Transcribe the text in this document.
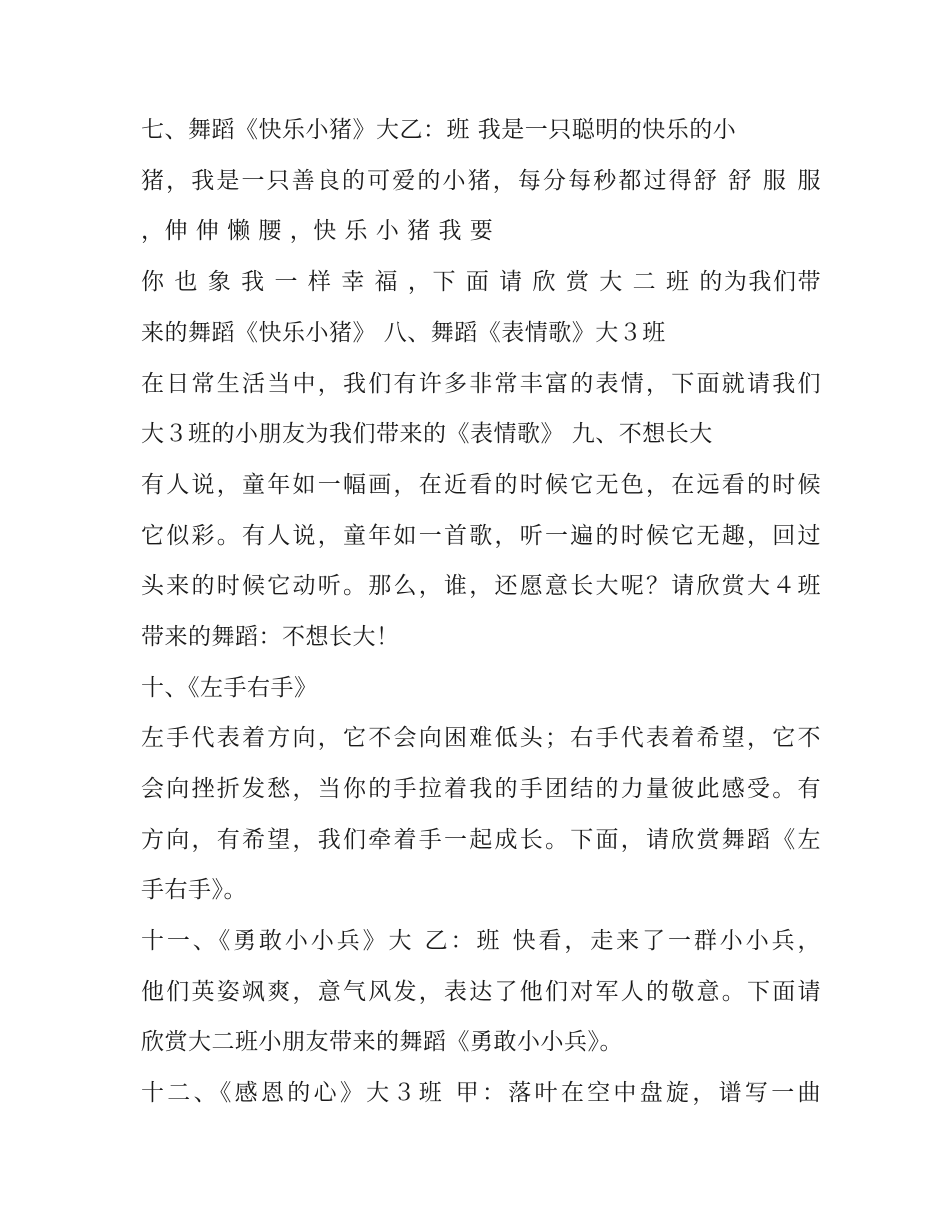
七、舞蹈《快乐小猪》大乙：班 我是一只聪明的快乐的小
猪，我是一只善良的可爱的小猪，每分每秒都过得舒 舒 服 服
，伸 伸 懒 腰 ，快 乐 小 猪 我 要
你 也 象 我 一 样 幸 福 ，下 面 请 欣 赏 大 二 班 的为我们带
来的舞蹈《快乐小猪》 八、舞蹈《表情歌》大３班
在日常生活当中，我们有许多非常丰富的表情，下面就请我们
大３班的小朋友为我们带来的《表情歌》 九、不想长大
有人说，童年如一幅画，在近看的时候它无色，在远看的时候
它似彩。有人说，童年如一首歌，听一遍的时候它无趣，回过
头来的时候它动听。那么，谁，还愿意长大呢？请欣赏大４班
带来的舞蹈：不想长大！
十、《左手右手》
左手代表着方向，它不会向困难低头；右手代表着希望，它不
会向挫折发愁，当你的手拉着我的手团结的力量彼此感受。有
方向，有希望，我们牵着手一起成长。下面，请欣赏舞蹈《左
手右手》。
十一、《勇敢小小兵》大 乙：班 快看，走来了一群小小兵，
他们英姿飒爽，意气风发，表达了他们对军人的敬意。下面请
欣赏大二班小朋友带来的舞蹈《勇敢小小兵》。
十二、《感恩的心》大３班 甲：落叶在空中盘旋，谱写一曲
